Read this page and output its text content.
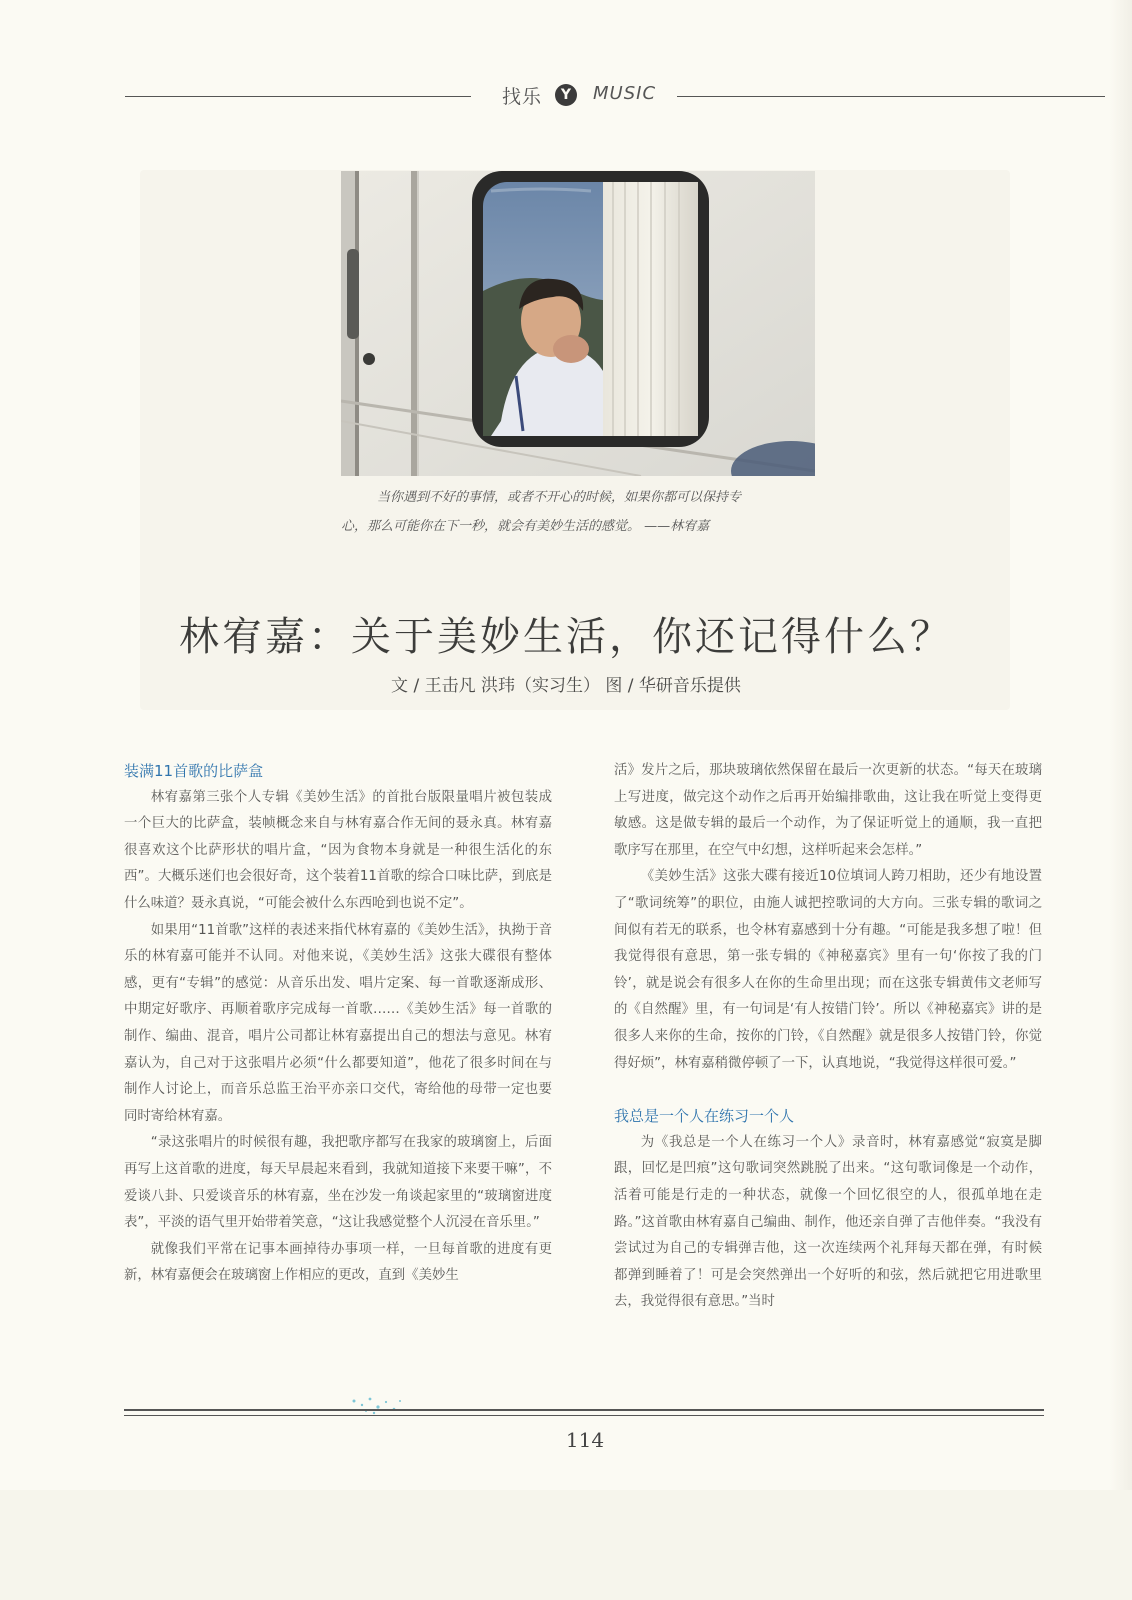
找乐	Y	MUSIC
当你遇到不好的事情，或者不开心的时候，如果你都可以保持专
心，那么可能你在下一秒，就会有美妙生活的感觉。 ——林宥嘉
林宥嘉：关于美妙生活，你还记得什么？
文 / 王击凡 洪玮（实习生） 图 / 华研音乐提供
装满11首歌的比萨盒

林宥嘉第三张个人专辑《美妙生活》的首批台版限量唱片被包装成一个巨大的比萨盒，装帧概念来自与林宥嘉合作无间的聂永真。林宥嘉很喜欢这个比萨形状的唱片盒，“因为食物本身就是一种很生活化的东西”。大概乐迷们也会很好奇，这个装着11首歌的综合口味比萨，到底是什么味道？聂永真说，“可能会被什么东西呛到也说不定”。

如果用“11首歌”这样的表述来指代林宥嘉的《美妙生活》，执拗于音乐的林宥嘉可能并不认同。对他来说，《美妙生活》这张大碟很有整体感，更有“专辑”的感觉：从音乐出发、唱片定案、每一首歌逐渐成形、中期定好歌序、再顺着歌序完成每一首歌……《美妙生活》每一首歌的制作、编曲、混音，唱片公司都让林宥嘉提出自己的想法与意见。林宥嘉认为，自己对于这张唱片必须“什么都要知道”，他花了很多时间在与制作人讨论上，而音乐总监王治平亦亲口交代，寄给他的母带一定也要同时寄给林宥嘉。

“录这张唱片的时候很有趣，我把歌序都写在我家的玻璃窗上，后面再写上这首歌的进度，每天早晨起来看到，我就知道接下来要干嘛”，不爱谈八卦、只爱谈音乐的林宥嘉，坐在沙发一角谈起家里的“玻璃窗进度表”，平淡的语气里开始带着笑意，“这让我感觉整个人沉浸在音乐里。”

就像我们平常在记事本画掉待办事项一样，一旦每首歌的进度有更新，林宥嘉便会在玻璃窗上作相应的更改，直到《美妙生

活》发片之后，那块玻璃依然保留在最后一次更新的状态。“每天在玻璃上写进度，做完这个动作之后再开始编排歌曲，这让我在听觉上变得更敏感。这是做专辑的最后一个动作，为了保证听觉上的通顺，我一直把歌序写在那里，在空气中幻想，这样听起来会怎样。”

《美妙生活》这张大碟有接近10位填词人跨刀相助，还少有地设置了“歌词统筹”的职位，由施人诚把控歌词的大方向。三张专辑的歌词之间似有若无的联系，也令林宥嘉感到十分有趣。“可能是我多想了啦！但我觉得很有意思，第一张专辑的《神秘嘉宾》里有一句‘你按了我的门铃’，就是说会有很多人在你的生命里出现；而在这张专辑黄伟文老师写的《自然醒》里，有一句词是‘有人按错门铃’。所以《神秘嘉宾》讲的是很多人来你的生命，按你的门铃，《自然醒》就是很多人按错门铃，你觉得好烦”，林宥嘉稍微停顿了一下，认真地说，“我觉得这样很可爱。”

我总是一个人在练习一个人

为《我总是一个人在练习一个人》录音时，林宥嘉感觉“寂寞是脚跟，回忆是凹痕”这句歌词突然跳脱了出来。“这句歌词像是一个动作，活着可能是行走的一种状态，就像一个回忆很空的人，很孤单地在走路。”这首歌由林宥嘉自己编曲、制作，他还亲自弹了吉他伴奏。“我没有尝试过为自己的专辑弹吉他，这一次连续两个礼拜每天都在弹，有时候都弹到睡着了！可是会突然弹出一个好听的和弦，然后就把它用进歌里去，我觉得很有意思。”当时

114
